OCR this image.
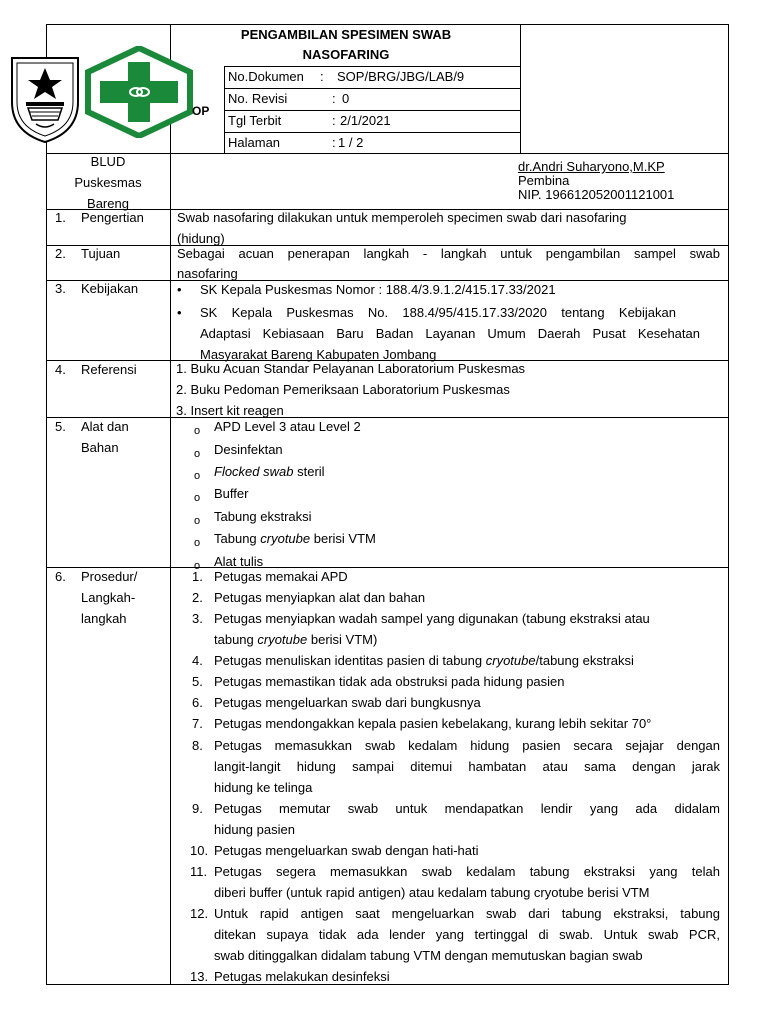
PENGAMBILAN SPESIMEN SWAB
NASOFARING
OP
No.Dokumen : SOP/BRG/JBG/LAB/9
No. Revisi	: 0
Tgl Terbit	: 2/1/2021
Halaman	: 1 / 2
BLUD
Puskesmas
Bareng
dr.Andri Suharyono,M.KP
Pembina
NIP. 196612052001121001
1. Pengertian	Swab nasofaring dilakukan untuk memperoleh specimen swab dari nasofaring
(hidung)
2. Tujuan	Sebagai acuan penerapan langkah - langkah untuk pengambilan sampel swab
nasofaring
3. Kebijakan	• SK Kepala Puskesmas Nomor : 188.4/3.9.1.2/415.17.33/2021
• SK Kepala Puskesmas No. 188.4/95/415.17.33/2020 tentang Kebijakan
Adaptasi Kebiasaan Baru Badan Layanan Umum Daerah Pusat Kesehatan
Masyarakat Bareng Kabupaten Jombang
4. Referensi	1. Buku Acuan Standar Pelayanan Laboratorium Puskesmas
2. Buku Pedoman Pemeriksaan Laboratorium Puskesmas
3. Insert kit reagen
5. Alat dan
Bahan
o APD Level 3 atau Level 2
o Desinfektan
o Flocked swab steril
o Buffer
o Tabung ekstraksi
o Tabung cryotube berisi VTM
o Alat tulis
6. Prosedur/
Langkah-
langkah
1. Petugas memakai APD
2. Petugas menyiapkan alat dan bahan
3. Petugas menyiapkan wadah sampel yang digunakan (tabung ekstraksi atau
tabung cryotube berisi VTM)
4. Petugas menuliskan identitas pasien di tabung cryotube/tabung ekstraksi
5. Petugas memastikan tidak ada obstruksi pada hidung pasien
6. Petugas mengeluarkan swab dari bungkusnya
7. Petugas mendongakkan kepala pasien kebelakang, kurang lebih sekitar 70°
8. Petugas memasukkan swab kedalam hidung pasien secara sejajar dengan
langit-langit hidung sampai ditemui hambatan atau sama dengan jarak
hidung ke telinga
9. Petugas memutar swab untuk mendapatkan lendir yang ada didalam
hidung pasien
10. Petugas mengeluarkan swab dengan hati-hati
11. Petugas segera memasukkan swab kedalam tabung ekstraksi yang telah
diberi buffer (untuk rapid antigen) atau kedalam tabung cryotube berisi VTM
12. Untuk rapid antigen saat mengeluarkan swab dari tabung ekstraksi, tabung
ditekan supaya tidak ada lender yang tertinggal di swab. Untuk swab PCR,
swab ditinggalkan didalam tabung VTM dengan memutuskan bagian swab
13. Petugas melakukan desinfeksi
